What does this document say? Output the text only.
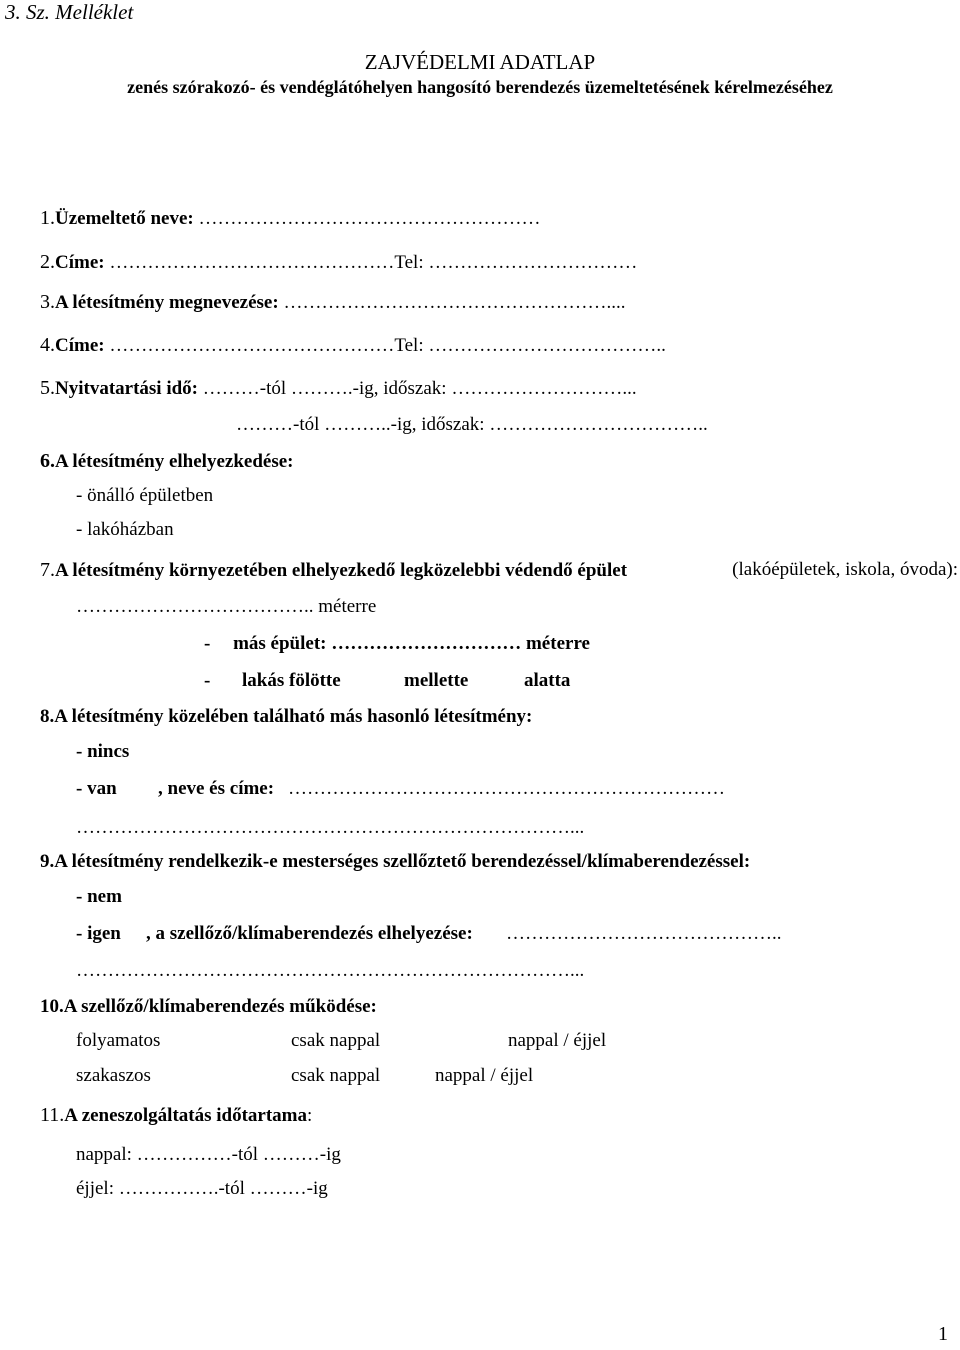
3. Sz. Melléklet
ZAJVÉDELMI ADATLAP
zenés szórakozó- és vendéglátóhelyen hangosító berendezés üzemeltetésének kérelmezéséhez
1.Üzemeltető neve: ………………………………………………
2.Címe: ………………………………………Tel: ……………………………
3.A létesítmény megnevezése: ……………………………………………....
4.Címe: ………………………………………Tel: ………………………………..
5.Nyitvatartási idő: ………-tól ……….-ig, időszak: ………………………...
………-tól ………..-ig, időszak: ……………………………..
6.A létesítmény elhelyezkedése:
- önálló épületben
- lakóházban
7.A létesítmény környezetében elhelyezkedő legközelebbi védendő épület	(lakóépületek, iskola, óvoda):
……………………………….. méterre
- más épület: ………………………… méterre
- lakás fölötte	mellette	alatta
8.A létesítmény közelében található más hasonló létesítmény:
- nincs
- van , neve és címe: ……………………………………………………………
……………………………………………………………………...
9.A létesítmény rendelkezik-e mesterséges szellőztető berendezéssel/klímaberendezéssel:
- nem
- igen , a szellőző/klímaberendezés elhelyezése: ……………………………………..
……………………………………………………………………...
10.A szellőző/klímaberendezés működése:
folyamatos	csak nappal	nappal / éjjel
szakaszos	csak nappal	nappal / éjjel
11.A zeneszolgáltatás időtartama:
nappal: ……………-tól ………-ig
éjjel: …………….-tól ………-ig
1
